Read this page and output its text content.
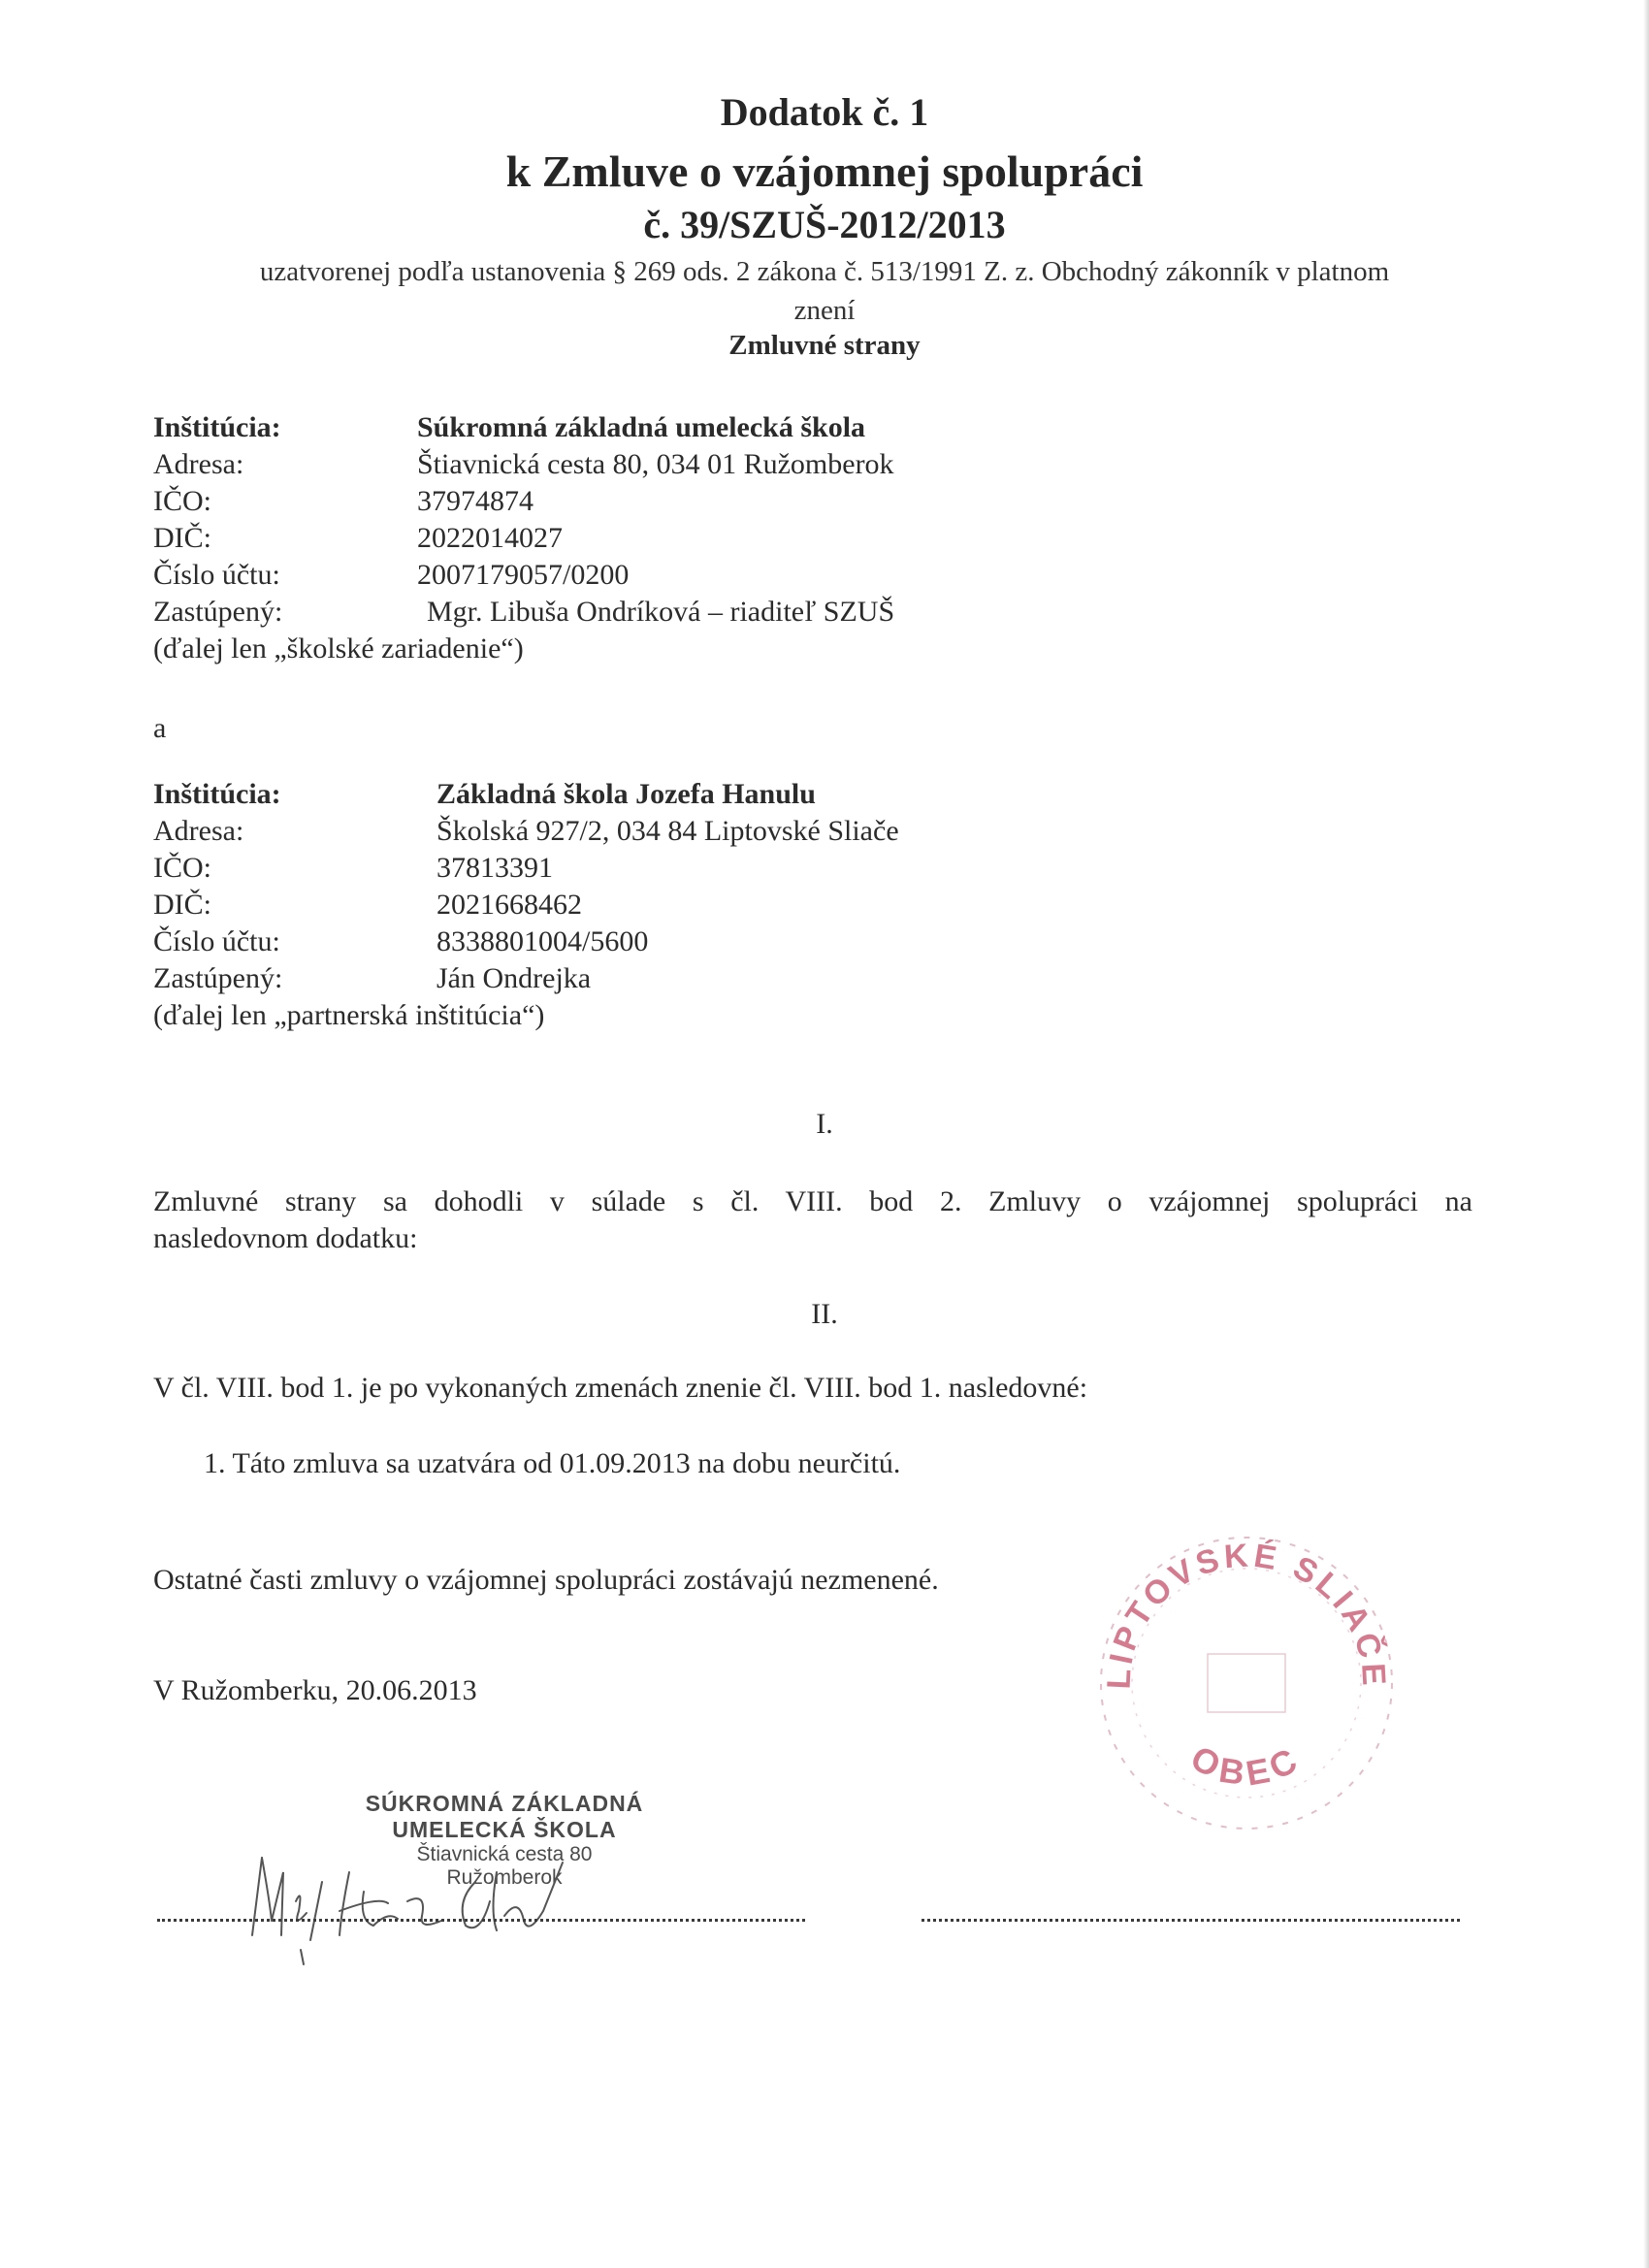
Dodatok č. 1
k Zmluve o vzájomnej spolupráci
č. 39/SZUŠ-2012/2013
uzatvorenej podľa ustanovenia § 269 ods. 2 zákona č. 513/1991 Z. z. Obchodný zákonník v platnom
znení
Zmluvné strany
Inštitúcia:	Súkromná základná umelecká škola
Adresa:	Štiavnická cesta 80, 034 01 Ružomberok
IČO:	37974874
DIČ:	2022014027
Číslo účtu:	2007179057/0200
Zastúpený:	Mgr. Libuša Ondríková – riaditeľ SZUŠ
(ďalej len „školské zariadenie“)
a
Inštitúcia:	Základná škola Jozefa Hanulu
Adresa:	Školská 927/2, 034 84 Liptovské Sliače
IČO:	37813391
DIČ:	2021668462
Číslo účtu:	8338801004/5600
Zastúpený:	Ján Ondrejka
(ďalej len „partnerská inštitúcia“)
I.
Zmluvné strany sa dohodli v súlade s čl. VIII. bod 2. Zmluvy o vzájomnej spolupráci na
nasledovnom dodatku:
II.
V čl. VIII. bod 1. je po vykonaných zmenách znenie čl. VIII. bod 1. nasledovné:
1. Táto zmluva sa uzatvára od 01.09.2013 na dobu neurčitú.
Ostatné časti zmluvy o vzájomnej spolupráci zostávajú nezmenené.
V Ružomberku, 20.06.2013
SÚKROMNÁ ZÁKLADNÁ
UMELECKÁ ŠKOLA
Štiavnická cesta 80
Ružomberok
LIPTOVSKÉ SLIAČE
OBEC
